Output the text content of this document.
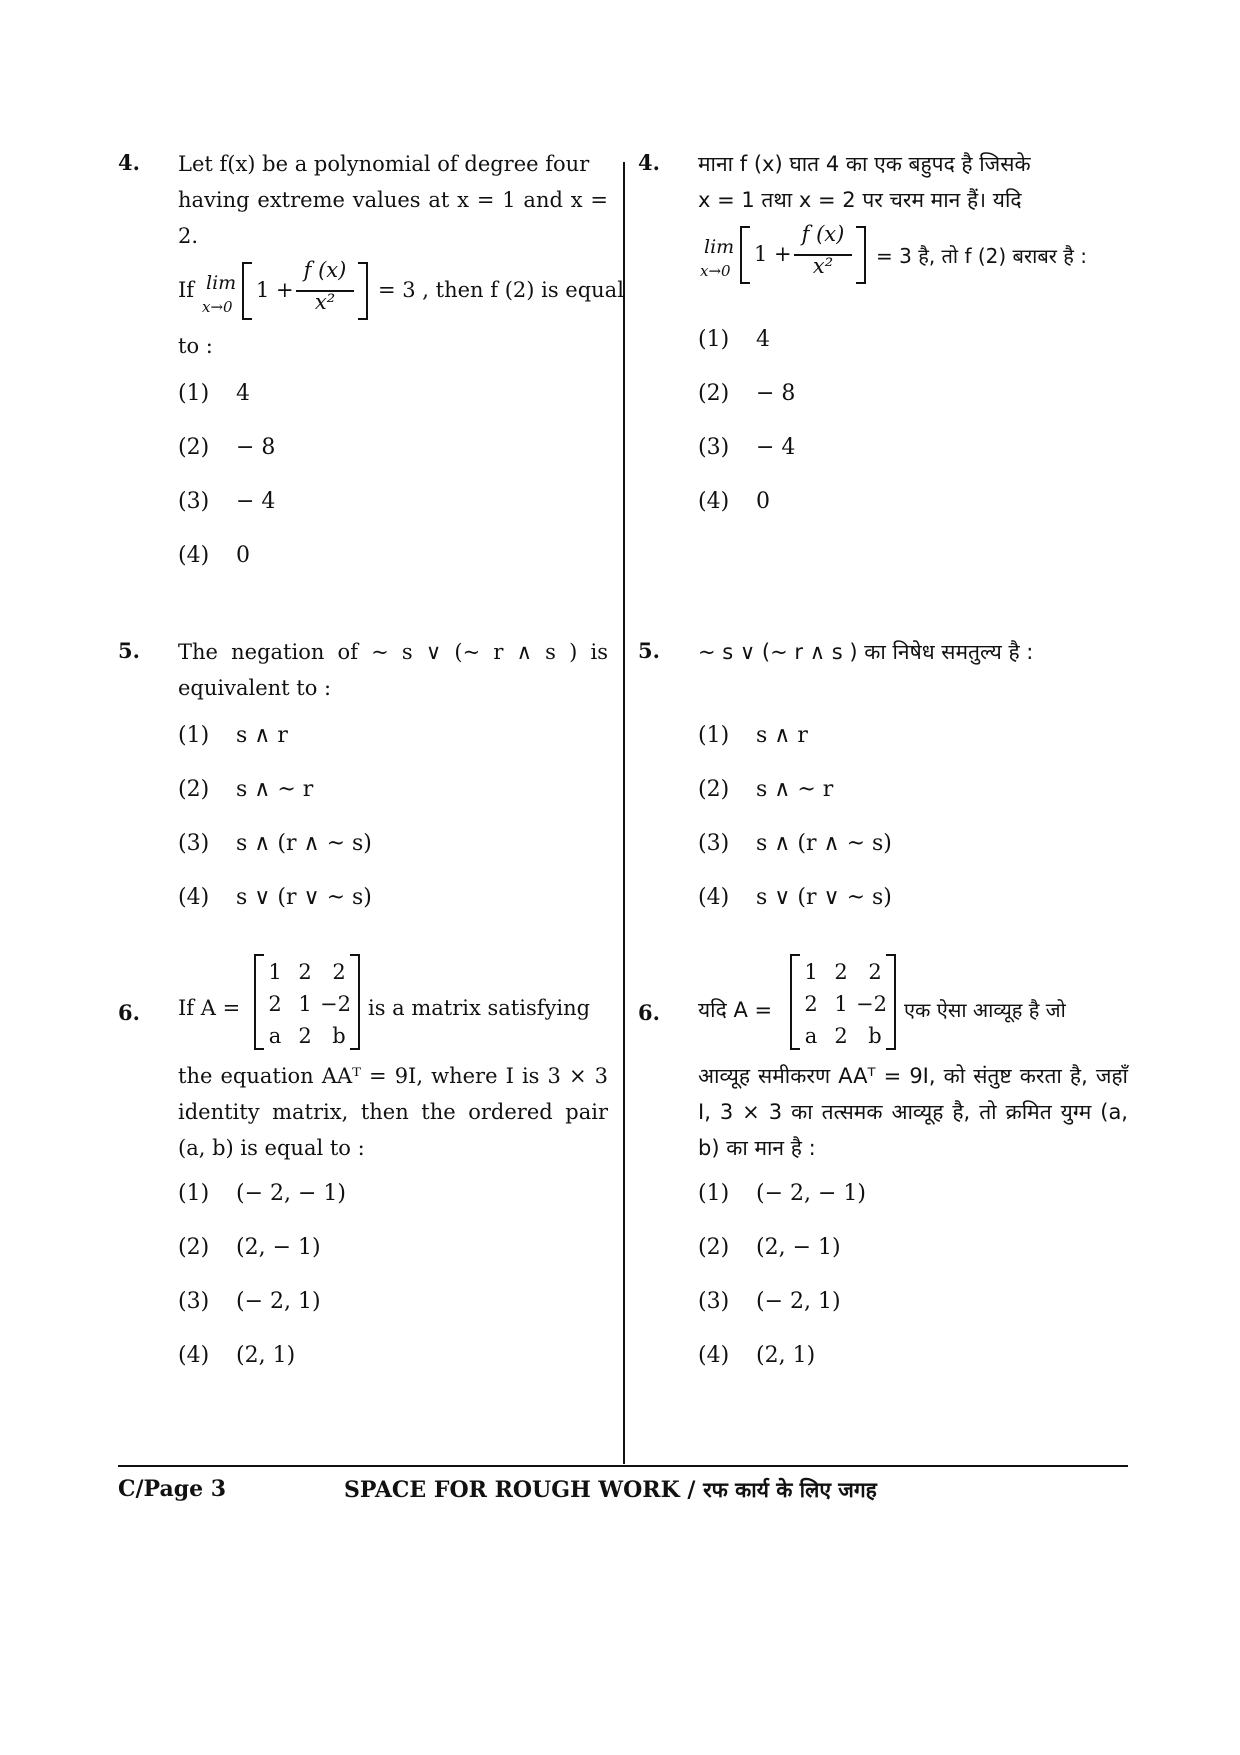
4. Let f(x) be a polynomial of degree four
having extreme values at x = 1 and x = 2.
If lim
x→0
1 +
f (x)
x²	= 3 , then f (2) is equal
to :
(1) 4
(2) − 8
(3) − 4
(4) 0
5. The negation of ~ s ∨ (~ r ∧ s ) is equivalent to :
(1) s ∧ r
(2) s ∧ ~ r
(3) s ∧ (r ∧ ~ s)
(4) s ∨ (r ∨ ~ s)
6. If A =
1 2 2
2 1 −2
a 2 b
is a matrix satisfying
the equation AAᵀ = 9I, where I is 3 × 3 identity matrix, then the ordered pair (a, b) is equal to :
(1) (− 2, − 1)
(2) (2, − 1)
(3) (− 2, 1)
(4) (2, 1)
4. माना f (x) घात 4 का एक बहुपद है जिसके
x = 1 तथा x = 2 पर चरम मान हैं। यदि
lim
x→0
1 +
f (x)
x²	= 3 है, तो f (2) बराबर है :
(1) 4
(2) − 8
(3) − 4
(4) 0
5. ~ s ∨ (~ r ∧ s ) का निषेध समतुल्य है :
(1) s ∧ r
(2) s ∧ ~ r
(3) s ∧ (r ∧ ~ s)
(4) s ∨ (r ∨ ~ s)
6. यदि A =
1 2 2
2 1 −2
a 2 b
एक ऐसा आव्यूह है जो
आव्यूह समीकरण AAᵀ = 9I, को संतुष्ट करता है, जहाँ I, 3 × 3 का तत्समक आव्यूह है, तो क्रमित युग्म (a, b) का मान है :
(1) (− 2, − 1)
(2) (2, − 1)
(3) (− 2, 1)
(4) (2, 1)
C/Page 3	SPACE FOR ROUGH WORK / रफ कार्य के लिए जगह
